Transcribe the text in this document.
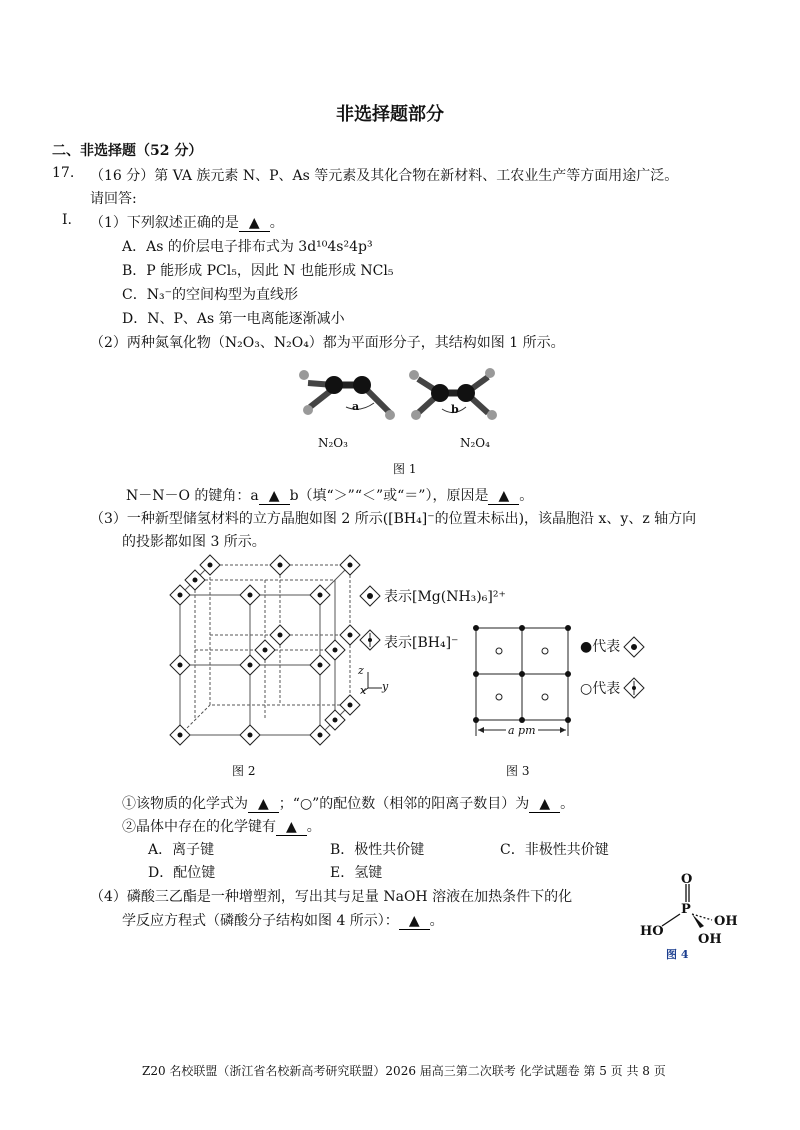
非选择题部分
二、非选择题（52 分）
17. （16 分）第 VA 族元素 N、P、As 等元素及其化合物在新材料、工农业生产等方面用途广泛。
请回答:
I. （1）下列叙述正确的是 ▲ 。
A．As 的价层电子排布式为 3d¹⁰4s²4p³
B．P 能形成 PCl₅，因此 N 也能形成 NCl₅
C．N₃⁻的空间构型为直线形
D．N、P、As 第一电离能逐渐减小
（2）两种氮氧化物（N₂O₃、N₂O₄）都为平面形分子，其结构如图 1 所示。
a	b
N₂O₃	N₂O₄
图 1
N－N－O 的键角：a ▲ b（填“＞”“＜”或“＝”），原因是 ▲ 。
（3）一种新型储氢材料的立方晶胞如图 2 所示([BH₄]⁻的位置未标出)，该晶胞沿 x、y、z 轴方向
的投影都如图 3 所示。
表示[Mg(NH₃)₆]²⁺
表示[BH₄]⁻
z
x y
a pm
●代表
○代表
图 2	图 3
①该物质的化学式为 ▲ ；“○”的配位数（相邻的阳离子数目）为 ▲ 。
②晶体中存在的化学键有 ▲ 。
A．离子键	B．极性共价键	C．非极性共价键
D．配位键	E．氢键
（4）磷酸三乙酯是一种增塑剂，写出其与足量 NaOH 溶液在加热条件下的化
学反应方程式（磷酸分子结构如图 4 所示）： ▲ 。
O
P
HO
OH
OH
图 4
Z20 名校联盟（浙江省名校新高考研究联盟）2026 届高三第二次联考 化学试题卷 第 5 页 共 8 页
